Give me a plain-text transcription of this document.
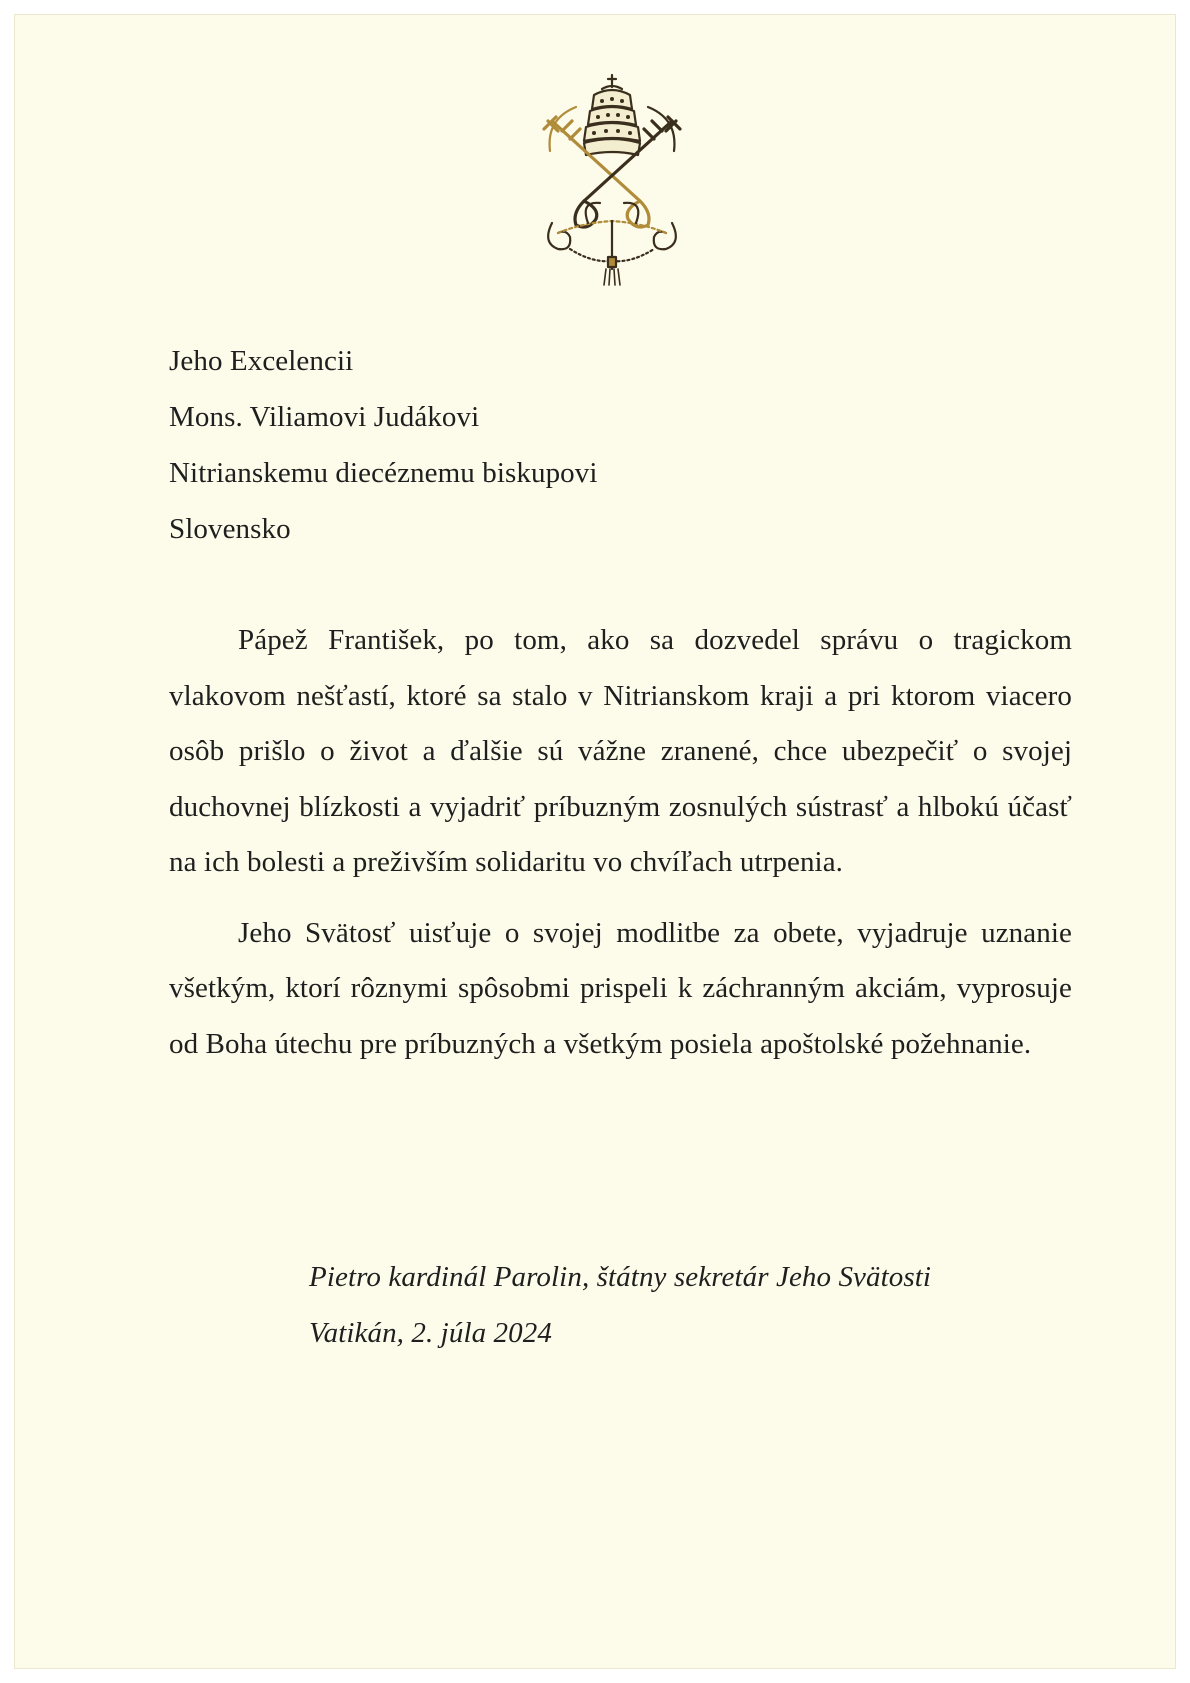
Jeho Excelencii
Mons. Viliamovi Judákovi
Nitrianskemu diecéznemu biskupovi
Slovensko

Pápež František, po tom, ako sa dozvedel správu o tragickom vlakovom nešťastí, ktoré sa stalo v Nitrianskom kraji a pri ktorom viacero osôb prišlo o život a ďalšie sú vážne zranené, chce ubezpečiť o svojej duchovnej blízkosti a vyjadriť príbuzným zosnulých sústrasť a hlbokú účasť na ich bolesti a preživším solidaritu vo chvíľach utrpenia.

Jeho Svätosť uisťuje o svojej modlitbe za obete, vyjadruje uznanie všetkým, ktorí rôznymi spôsobmi prispeli k záchranným akciám, vyprosuje od Boha útechu pre príbuzných a všetkým posiela apoštolské požehnanie.

Pietro kardinál Parolin, štátny sekretár Jeho Svätosti
Vatikán, 2. júla 2024
